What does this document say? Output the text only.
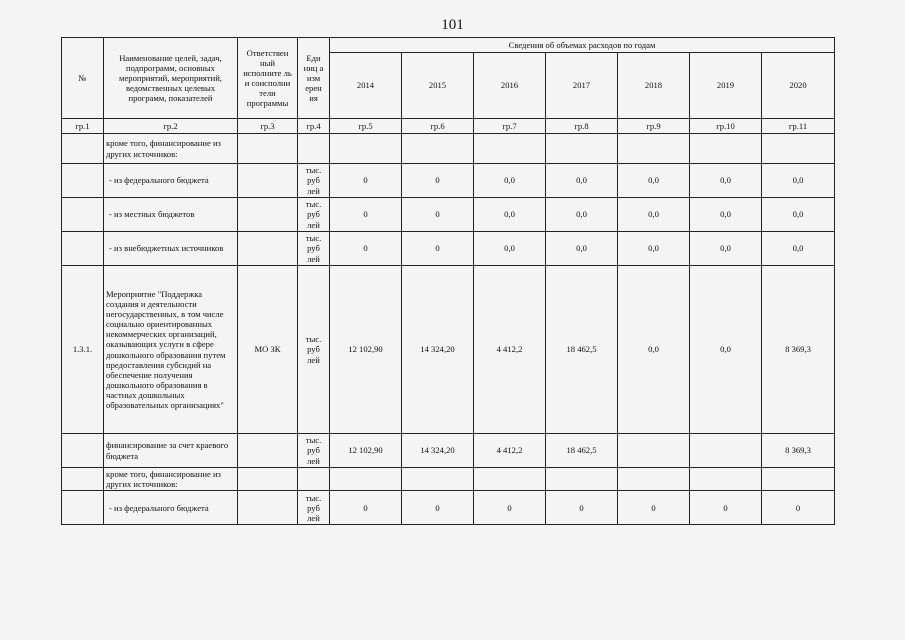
101
№	Наименование целей, задач, подпрограмм, основных мероприятий, мероприятий, ведомственных целевых программ, показателей	Ответствен ный исполните ль и соисполни тели программы	Еди ниц а изм ерен ия	Сведения об объемах расходов по годам						
				2014	2015	2016	2017	2018	2019	2020
гр.1	гр.2	гр.3	гр.4	гр.5	гр.6	гр.7	гр.8	гр.9	гр.10	гр.11
	кроме того, финансирование из других источников:									
	- из федерального бюджета		тыс. руб лей	0	0	0,0	0,0	0,0	0,0	0,0
	- из местных бюджетов		тыс. руб лей	0	0	0,0	0,0	0,0	0,0	0,0
	- из внебюджетных источников		тыс. руб лей	0	0	0,0	0,0	0,0	0,0	0,0
1.3.1.	Мероприятие "Поддержка создания и деятельности негосударственных, в том числе социально ориентированных некоммерческих организаций, оказывающих услуги в сфере дошкольного образования путем предоставления субсидий на обеспечение получения дошкольного образования в частных дошкольных образовательных организациях"	МО ЗК	тыс. руб лей	12 102,90	14 324,20	4 412,2	18 462,5	0,0	0,0	8 369,3
	финансирование за счет краевого бюджета		тыс. руб лей	12 102,90	14 324,20	4 412,2	18 462,5			8 369,3
	кроме того, финансирование из других источников:									
	- из федерального бюджета		тыс. руб лей	0	0	0	0	0	0	0
